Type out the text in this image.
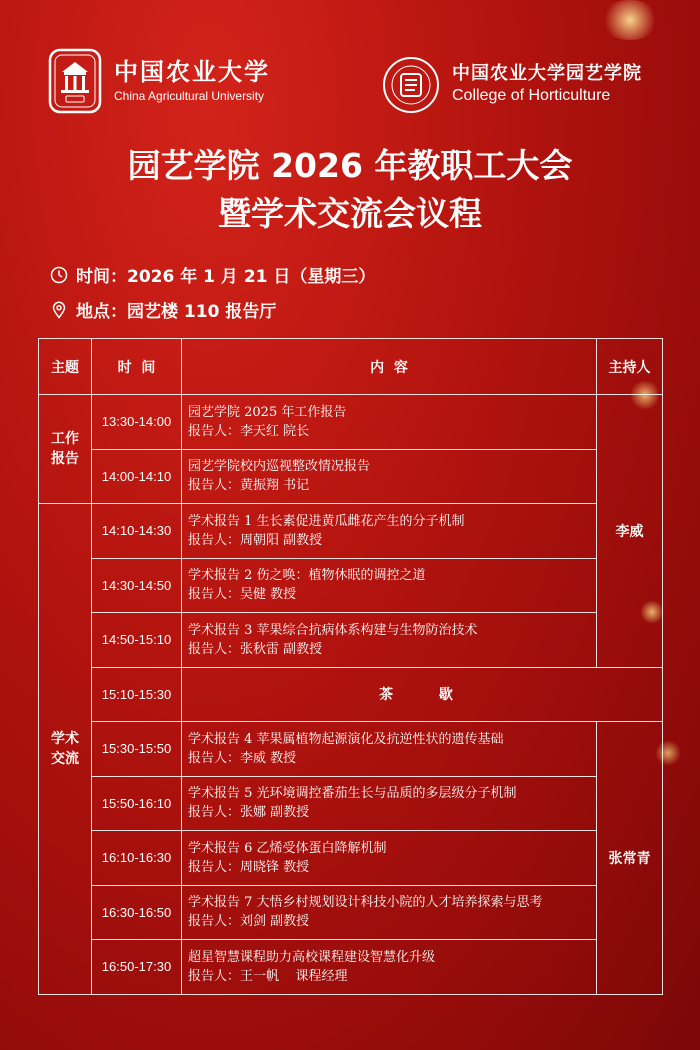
中国农业大学
China Agricultural University
中国农业大学园艺学院
College of Horticulture
园艺学院 2026 年教职工大会
暨学术交流会议程
时间：2026 年 1 月 21 日（星期三）
地点：园艺楼 110 报告厅
主题	时  间	内  容	主持人
工作
报告	13:30-14:00	园艺学院 2025 年工作报告
报告人：李天红 院长	李威
	14:00-14:10	园艺学院校内巡视整改情况报告
报告人：黄振翔 书记	

学术
交流	14:10-14:30	学术报告 1 生长素促进黄瓜雌花产生的分子机制
报告人：周朝阳 副教授	

	14:30-14:50	学术报告 2 伤之唤：植物休眠的调控之道
报告人：吴健 教授	

	14:50-15:10	学术报告 3 苹果综合抗病体系构建与生物防治技术
报告人：张秋雷 副教授	

	15:10-15:30	茶  歇	
	15:30-15:50	学术报告 4 苹果属植物起源演化及抗逆性状的遗传基础
报告人：李威 教授	张常青
	15:50-16:10	学术报告 5 光环境调控番茄生长与品质的多层级分子机制
报告人：张娜 副教授	

	16:10-16:30	学术报告 6 乙烯受体蛋白降解机制
报告人：周晓锋 教授	

	16:30-16:50	学术报告 7 大悟乡村规划设计科技小院的人才培养探索与思考
报告人：刘剑 副教授	

	16:50-17:30	超星智慧课程助力高校课程建设智慧化升级
报告人：王一帆    课程经理	
